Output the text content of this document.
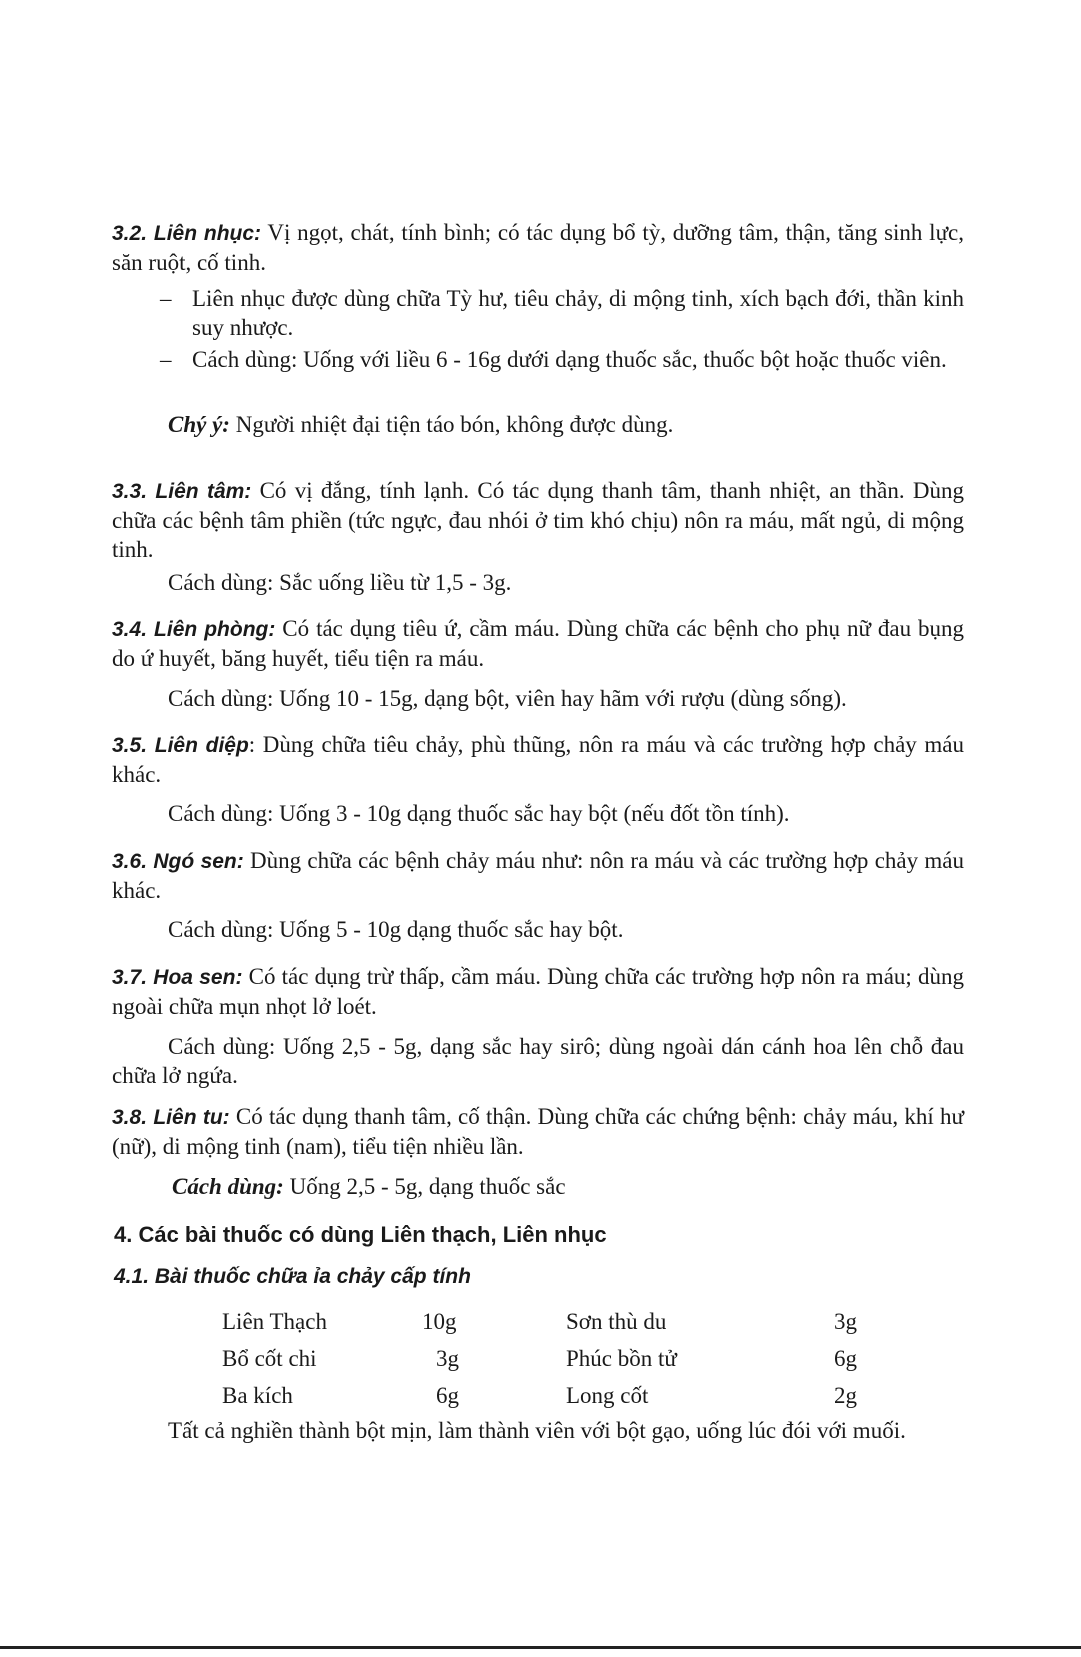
3.2. Liên nhục: Vị ngọt, chát, tính bình; có tác dụng bổ tỳ, dưỡng tâm, thận, tăng sinh lực, săn ruột, cố tinh.

– Liên nhục được dùng chữa Tỳ hư, tiêu chảy, di mộng tinh, xích bạch đới, thần kinh suy nhược.
– Cách dùng: Uống với liều 6 - 16g dưới dạng thuốc sắc, thuốc bột hoặc thuốc viên.

Chý ý: Người nhiệt đại tiện táo bón, không được dùng.

3.3. Liên tâm: Có vị đắng, tính lạnh. Có tác dụng thanh tâm, thanh nhiệt, an thần. Dùng chữa các bệnh tâm phiền (tức ngực, đau nhói ở tim khó chịu) nôn ra máu, mất ngủ, di mộng tinh.

Cách dùng: Sắc uống liều từ 1,5 - 3g.

3.4. Liên phòng: Có tác dụng tiêu ứ, cầm máu. Dùng chữa các bệnh cho phụ nữ đau bụng do ứ huyết, băng huyết, tiểu tiện ra máu.

Cách dùng: Uống 10 - 15g, dạng bột, viên hay hãm với rượu (dùng sống).

3.5. Liên diệp: Dùng chữa tiêu chảy, phù thũng, nôn ra máu và các trường hợp chảy máu khác.

Cách dùng: Uống 3 - 10g dạng thuốc sắc hay bột (nếu đốt tồn tính).

3.6. Ngó sen: Dùng chữa các bệnh chảy máu như: nôn ra máu và các trường hợp chảy máu khác.

Cách dùng: Uống 5 - 10g dạng thuốc sắc hay bột.

3.7. Hoa sen: Có tác dụng trừ thấp, cầm máu. Dùng chữa các trường hợp nôn ra máu; dùng ngoài chữa mụn nhọt lở loét.

Cách dùng: Uống 2,5 - 5g, dạng sắc hay sirô; dùng ngoài dán cánh hoa lên chỗ đau chữa lở ngứa.

3.8. Liên tu: Có tác dụng thanh tâm, cố thận. Dùng chữa các chứng bệnh: chảy máu, khí hư (nữ), di mộng tinh (nam), tiểu tiện nhiều lần.

Cách dùng: Uống 2,5 - 5g, dạng thuốc sắc

4. Các bài thuốc có dùng Liên thạch, Liên nhục

4.1. Bài thuốc chữa ỉa chảy cấp tính

Liên Thạch	10g	Sơn thù du	3g
Bổ cốt chi	3g	Phúc bồn tử	6g
Ba kích	6g	Long cốt	2g

Tất cả nghiền thành bột mịn, làm thành viên với bột gạo, uống lúc đói với muối.
